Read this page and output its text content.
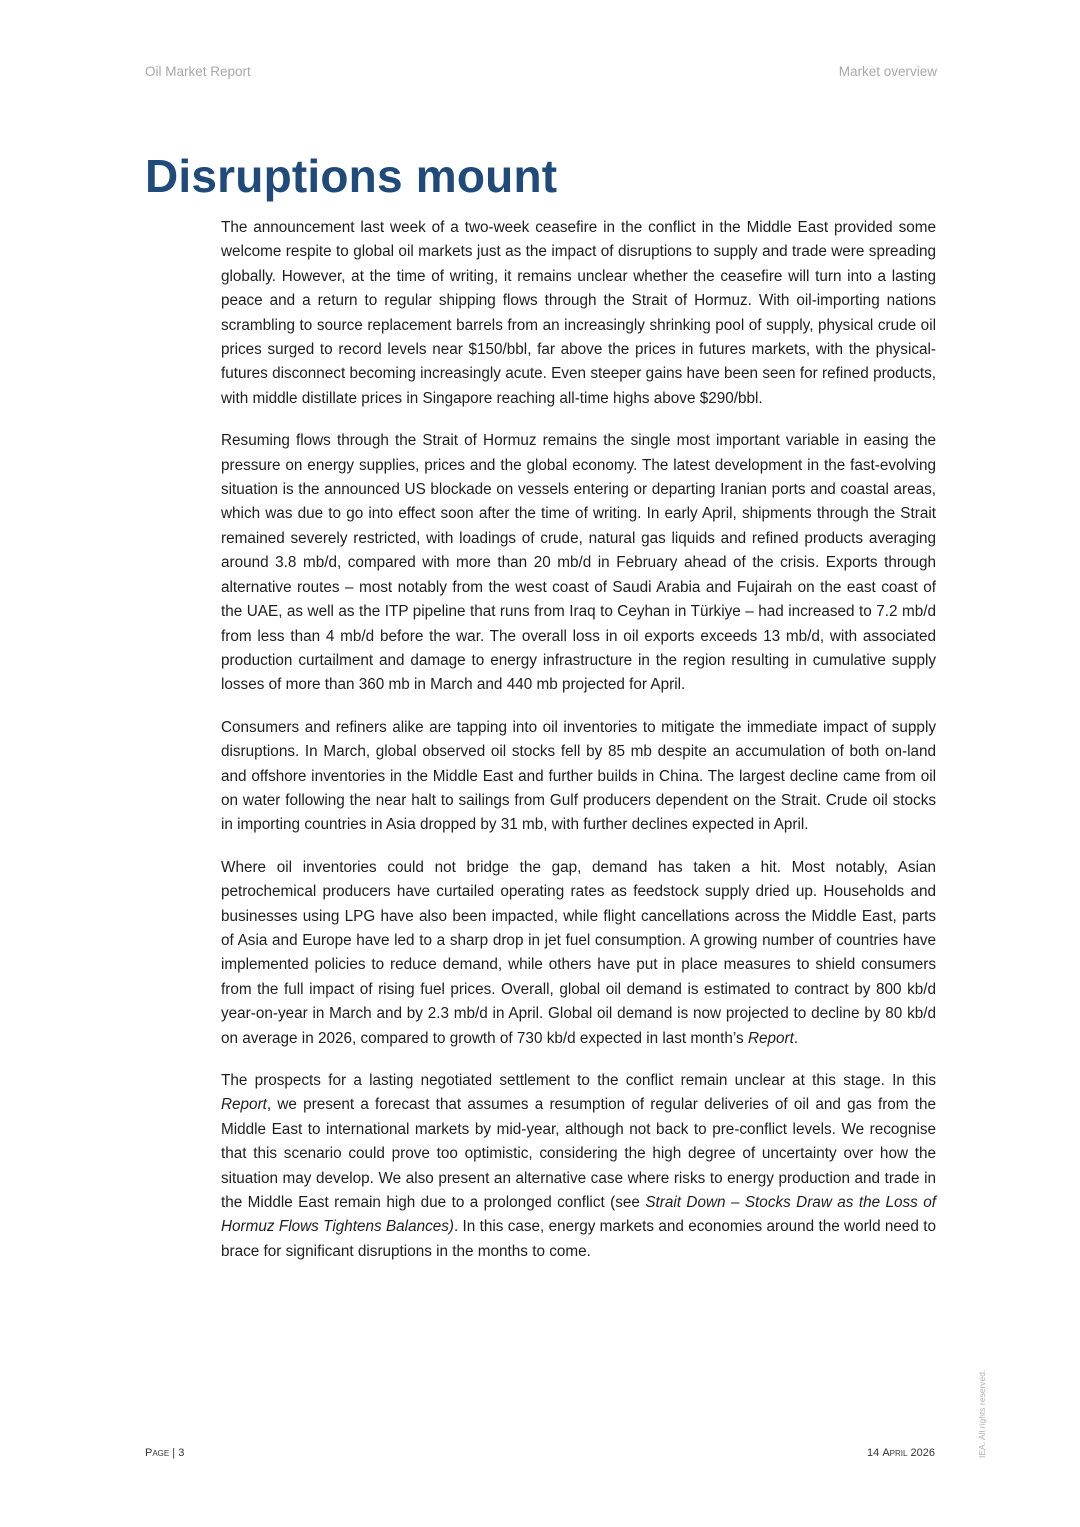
Oil Market Report	Market overview
Disruptions mount

The announcement last week of a two-week ceasefire in the conflict in the Middle East provided some welcome respite to global oil markets just as the impact of disruptions to supply and trade were spreading globally. However, at the time of writing, it remains unclear whether the ceasefire will turn into a lasting peace and a return to regular shipping flows through the Strait of Hormuz. With oil-importing nations scrambling to source replacement barrels from an increasingly shrinking pool of supply, physical crude oil prices surged to record levels near $150/bbl, far above the prices in futures markets, with the physical-futures disconnect becoming increasingly acute. Even steeper gains have been seen for refined products, with middle distillate prices in Singapore reaching all-time highs above $290/bbl.

Resuming flows through the Strait of Hormuz remains the single most important variable in easing the pressure on energy supplies, prices and the global economy. The latest development in the fast-evolving situation is the announced US blockade on vessels entering or departing Iranian ports and coastal areas, which was due to go into effect soon after the time of writing. In early April, shipments through the Strait remained severely restricted, with loadings of crude, natural gas liquids and refined products averaging around 3.8 mb/d, compared with more than 20 mb/d in February ahead of the crisis. Exports through alternative routes – most notably from the west coast of Saudi Arabia and Fujairah on the east coast of the UAE, as well as the ITP pipeline that runs from Iraq to Ceyhan in Türkiye – had increased to 7.2 mb/d from less than 4 mb/d before the war. The overall loss in oil exports exceeds 13 mb/d, with associated production curtailment and damage to energy infrastructure in the region resulting in cumulative supply losses of more than 360 mb in March and 440 mb projected for April.

Consumers and refiners alike are tapping into oil inventories to mitigate the immediate impact of supply disruptions. In March, global observed oil stocks fell by 85 mb despite an accumulation of both on-land and offshore inventories in the Middle East and further builds in China. The largest decline came from oil on water following the near halt to sailings from Gulf producers dependent on the Strait. Crude oil stocks in importing countries in Asia dropped by 31 mb, with further declines expected in April.

Where oil inventories could not bridge the gap, demand has taken a hit. Most notably, Asian petrochemical producers have curtailed operating rates as feedstock supply dried up. Households and businesses using LPG have also been impacted, while flight cancellations across the Middle East, parts of Asia and Europe have led to a sharp drop in jet fuel consumption. A growing number of countries have implemented policies to reduce demand, while others have put in place measures to shield consumers from the full impact of rising fuel prices. Overall, global oil demand is estimated to contract by 800 kb/d year-on-year in March and by 2.3 mb/d in April. Global oil demand is now projected to decline by 80 kb/d on average in 2026, compared to growth of 730 kb/d expected in last month’s Report.

The prospects for a lasting negotiated settlement to the conflict remain unclear at this stage. In this Report, we present a forecast that assumes a resumption of regular deliveries of oil and gas from the Middle East to international markets by mid-year, although not back to pre-conflict levels. We recognise that this scenario could prove too optimistic, considering the high degree of uncertainty over how the situation may develop. We also present an alternative case where risks to energy production and trade in the Middle East remain high due to a prolonged conflict (see Strait Down – Stocks Draw as the Loss of Hormuz Flows Tightens Balances). In this case, energy markets and economies around the world need to brace for significant disruptions in the months to come.

Page | 3	14 April 2026	IEA. All rights reserved.
